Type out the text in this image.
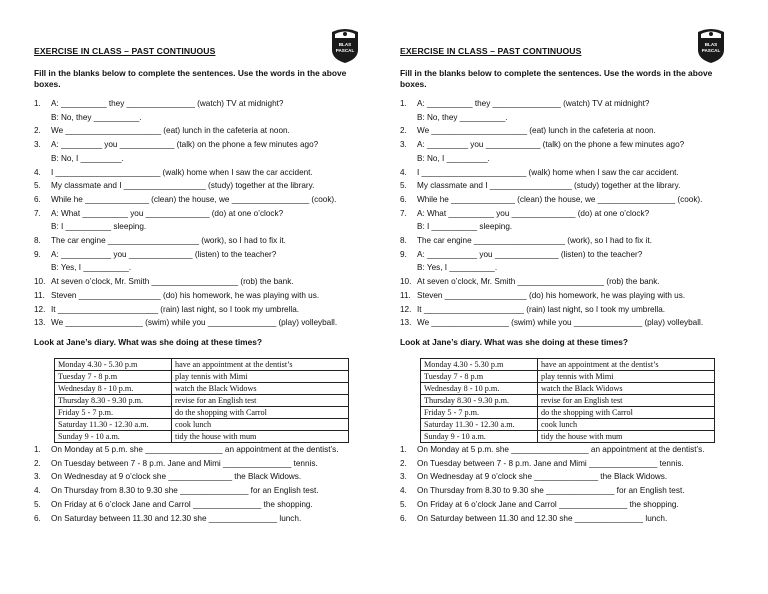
EXERCISE IN CLASS – PAST CONTINUOUS
BLAS
PASCAL
Fill in the blanks below to complete the sentences. Use the words in the above boxes.
1.	A: __________ they _______________ (watch) TV at midnight?
B: No, they __________.
2.	We _____________________ (eat) lunch in the cafeteria at noon.
3.	A: _________ you ____________ (talk) on the phone a few minutes ago?
B: No, I _________.
4.	I _______________________ (walk) home when I saw the car accident.
5.	My classmate and I __________________ (study) together at the library.
6.	While he ______________ (clean) the house, we _________________ (cook).
7.	A: What __________ you ______________ (do) at one o’clock?
B: I __________ sleeping.
8.	The car engine ____________________ (work), so I had to fix it.
9.	A: ___________ you ______________ (listen) to the teacher?
B: Yes, I __________.
10. At seven o’clock, Mr. Smith ___________________ (rob) the bank.
11. Steven __________________ (do) his homework, he was playing with us.
12. It ______________________ (rain) last night, so I took my umbrella.
13. We _________________ (swim) while you _______________ (play) volleyball.
Look at Jane’s diary. What was she doing at these times?
Monday 4.30 - 5.30 p.m	have an appointment at the dentist’s
Tuesday 7 - 8 p.m	play tennis with Mimi
Wednesday 8 - 10 p.m.	watch the Black Widows
Thursday 8.30 - 9.30 p.m.	revise for an English test
Friday 5 - 7 p.m.	do the shopping with Carrol
Saturday 11.30 - 12.30 a.m.	cook lunch
Sunday 9 - 10 a.m.	tidy the house with mum
1.	On Monday at 5 p.m. she _________________ an appointment at the dentist’s.
2.	On Tuesday between 7 - 8 p.m. Jane and Mimi _______________ tennis.
3.	On Wednesday at 9 o’clock she ______________ the Black Widows.
4.	On Thursday from 8.30 to 9.30 she _______________ for an English test.
5.	On Friday at 6 o’clock Jane and Carrol _______________ the shopping.
6.	On Saturday between 11.30 and 12.30 she _______________ lunch.
EXERCISE IN CLASS – PAST CONTINUOUS
BLAS
PASCAL
Fill in the blanks below to complete the sentences. Use the words in the above boxes.
1.	A: __________ they _______________ (watch) TV at midnight?
B: No, they __________.
2.	We _____________________ (eat) lunch in the cafeteria at noon.
3.	A: _________ you ____________ (talk) on the phone a few minutes ago?
B: No, I _________.
4.	I _______________________ (walk) home when I saw the car accident.
5.	My classmate and I __________________ (study) together at the library.
6.	While he ______________ (clean) the house, we _________________ (cook).
7.	A: What __________ you ______________ (do) at one o’clock?
B: I __________ sleeping.
8.	The car engine ____________________ (work), so I had to fix it.
9.	A: ___________ you ______________ (listen) to the teacher?
B: Yes, I __________.
10. At seven o’clock, Mr. Smith ___________________ (rob) the bank.
11. Steven __________________ (do) his homework, he was playing with us.
12. It ______________________ (rain) last night, so I took my umbrella.
13. We _________________ (swim) while you _______________ (play) volleyball.
Look at Jane’s diary. What was she doing at these times?
Monday 4.30 - 5.30 p.m	have an appointment at the dentist’s
Tuesday 7 - 8 p.m	play tennis with Mimi
Wednesday 8 - 10 p.m.	watch the Black Widows
Thursday 8.30 - 9.30 p.m.	revise for an English test
Friday 5 - 7 p.m.	do the shopping with Carrol
Saturday 11.30 - 12.30 a.m.	cook lunch
Sunday 9 - 10 a.m.	tidy the house with mum
1.	On Monday at 5 p.m. she _________________ an appointment at the dentist’s.
2.	On Tuesday between 7 - 8 p.m. Jane and Mimi _______________ tennis.
3.	On Wednesday at 9 o’clock she ______________ the Black Widows.
4.	On Thursday from 8.30 to 9.30 she _______________ for an English test.
5.	On Friday at 6 o’clock Jane and Carrol _______________ the shopping.
6.	On Saturday between 11.30 and 12.30 she _______________ lunch.
